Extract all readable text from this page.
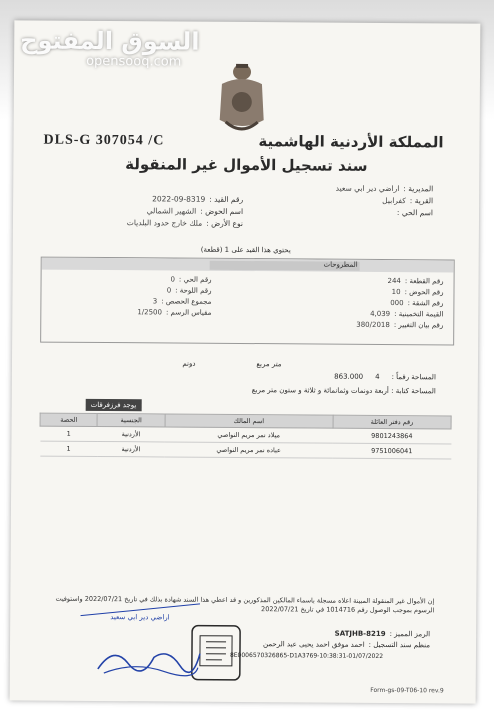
السوق المفتوح
opensooq.com
DLS-G 307054 /C	المملكة الأردنية الهاشمية
سند تسجيل الأموال غير المنقولة
المديرية :
اراضي دير ابي سعيد
القرية :
كفرابيل
اسم الحي :
رقم القيد :
2022-09-8319
اسم الحوض :
الشهير الشمالي
نوع الأرض :
ملك خارج حدود البلديات
يحتوي هذا القيد على 1 (قطعة)
المطروحات
رقم القطعة :
244
رقم الحوض :
10
رقم الشقة :
000
القيمة التخمينية :
4,039
رقم بيان التغيير :
380/2018
رقم الحي :
0
رقم اللوحة :
0
مجموع الحصص :
3
مقياس الرسم :
1/2500
متر مربع
دونم
المساحة رقماً :
4
863.000
المساحة كتابة : أربعة دونمات وثمانمائة و ثلاثة و ستون متر مربع
يوجد فرزفرقات
رقم دفتر العائلة	اسم المالك	الجنسية	الحصة
9801243864	ميلاد نمر مريم النواصي	الأردنية	1
9751006041	عباده نمر مريم النواصي	الأردنية	1
إن الأموال غير المنقولة المبينة اعلاه مسجلة باسماء المالكين المذكورين و قد اعطي هذا السند شهادة بذلك في تاريخ 2022/07/21 واستوفيت الرسوم بموجب الوصول رقم 1014716 في تاريخ 2022/07/21
اراضي دير ابي سعيد
الرمز المميز :
8219-SATJHB
منظم سند التسجيل :
احمد موفق احمد يحيى عبد الرحمن
8E0006570326865-D1A3769-10:38:31-01/07/2022
Form-gs-09-T06-10 rev.9
